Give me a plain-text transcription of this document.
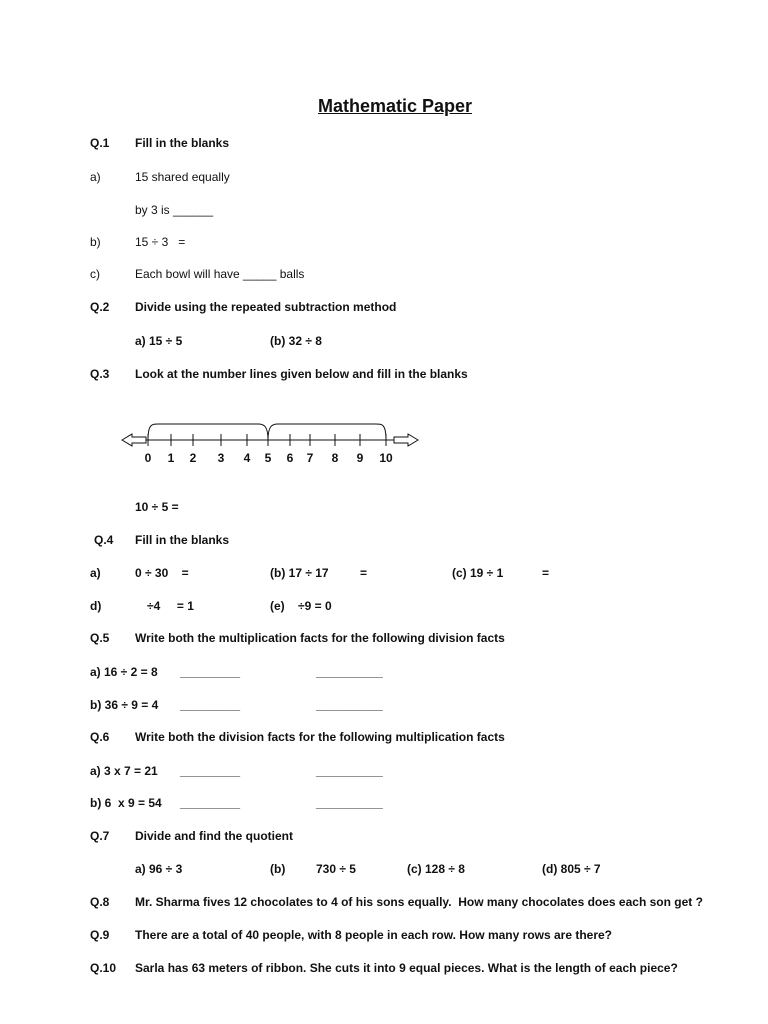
Mathematic Paper
Q.1 Fill in the blanks
a)	15 shared equally
by 3 is ______
b)	15 ÷ 3   =
c)	Each bowl will have _____ balls
Q.2 Divide using the repeated subtraction method
a) 15 ÷ 5	(b) 32 ÷ 8
Q.3 Look at the number lines given below and fill in the blanks
0 1 2 3 4 5 6 7 8 9 10
10 ÷ 5 =
Q.4 Fill in the blanks
a)	0 ÷ 30    =	(b) 17 ÷ 17	=	(c) 19 ÷ 1	=
d)	÷4     = 1	(e)    ÷9 = 0
Q.5 Write both the multiplication facts for the following division facts
a) 16 ÷ 2 = 8 _________	__________
b) 36 ÷ 9 = 4 _________	__________
Q.6 Write both the division facts for the following multiplication facts
a) 3 x 7 = 21 _________	__________
b) 6  x 9 = 54 _________	__________
Q.7 Divide and find the quotient
a) 96 ÷ 3	(b)	730 ÷ 5	(c) 128 ÷ 8	(d) 805 ÷ 7
Q.8 Mr. Sharma fives 12 chocolates to 4 of his sons equally.  How many chocolates does each son get ?
Q.9 There are a total of 40 people, with 8 people in each row. How many rows are there?
Q.10 Sarla has 63 meters of ribbon. She cuts it into 9 equal pieces. What is the length of each piece?
